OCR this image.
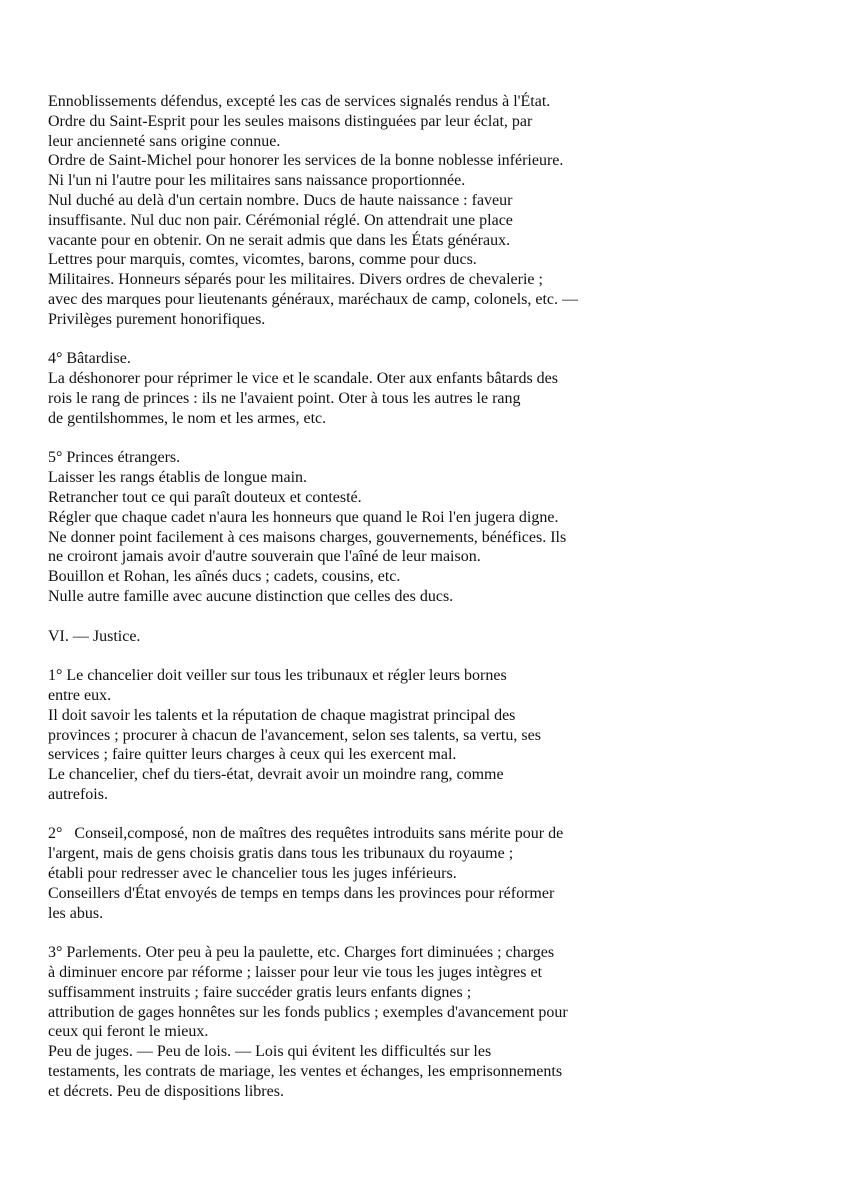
Ennoblissements défendus, excepté les cas de services signalés rendus à l'État.
Ordre du Saint-Esprit pour les seules maisons distinguées par leur éclat, par
leur ancienneté sans origine connue.
Ordre de Saint-Michel pour honorer les services de la bonne noblesse inférieure.
Ni l'un ni l'autre pour les militaires sans naissance proportionnée.
Nul duché au delà d'un certain nombre. Ducs de haute naissance : faveur
insuffisante. Nul duc non pair. Cérémonial réglé. On attendrait une place
vacante pour en obtenir. On ne serait admis que dans les États généraux.
Lettres pour marquis, comtes, vicomtes, barons, comme pour ducs.
Militaires. Honneurs séparés pour les militaires. Divers ordres de chevalerie ;
avec des marques pour lieutenants généraux, maréchaux de camp, colonels, etc. —
Privilèges purement honorifiques.
4° Bâtardise.
La déshonorer pour réprimer le vice et le scandale. Oter aux enfants bâtards des
rois le rang de princes : ils ne l'avaient point. Oter à tous les autres le rang
de gentilshommes, le nom et les armes, etc.
5° Princes étrangers.
Laisser les rangs établis de longue main.
Retrancher tout ce qui paraît douteux et contesté.
Régler que chaque cadet n'aura les honneurs que quand le Roi l'en jugera digne.
Ne donner point facilement à ces maisons charges, gouvernements, bénéfices. Ils
ne croiront jamais avoir d'autre souverain que l'aîné de leur maison.
Bouillon et Rohan, les aînés ducs ; cadets, cousins, etc.
Nulle autre famille avec aucune distinction que celles des ducs.
VI. — Justice.
1° Le chancelier doit veiller sur tous les tribunaux et régler leurs bornes
entre eux.
Il doit savoir les talents et la réputation de chaque magistrat principal des
provinces ; procurer à chacun de l'avancement, selon ses talents, sa vertu, ses
services ; faire quitter leurs charges à ceux qui les exercent mal.
Le chancelier, chef du tiers-état, devrait avoir un moindre rang, comme
autrefois.
2°   Conseil,composé, non de maîtres des requêtes introduits sans mérite pour de
l'argent, mais de gens choisis gratis dans tous les tribunaux du royaume ;
établi pour redresser avec le chancelier tous les juges inférieurs.
Conseillers d'État envoyés de temps en temps dans les provinces pour réformer
les abus.
3° Parlements. Oter peu à peu la paulette, etc. Charges fort diminuées ; charges
à diminuer encore par réforme ; laisser pour leur vie tous les juges intègres et
suffisamment instruits ; faire succéder gratis leurs enfants dignes ;
attribution de gages honnêtes sur les fonds publics ; exemples d'avancement pour
ceux qui feront le mieux.
Peu de juges. — Peu de lois. — Lois qui évitent les difficultés sur les
testaments, les contrats de mariage, les ventes et échanges, les emprisonnements
et décrets. Peu de dispositions libres.
